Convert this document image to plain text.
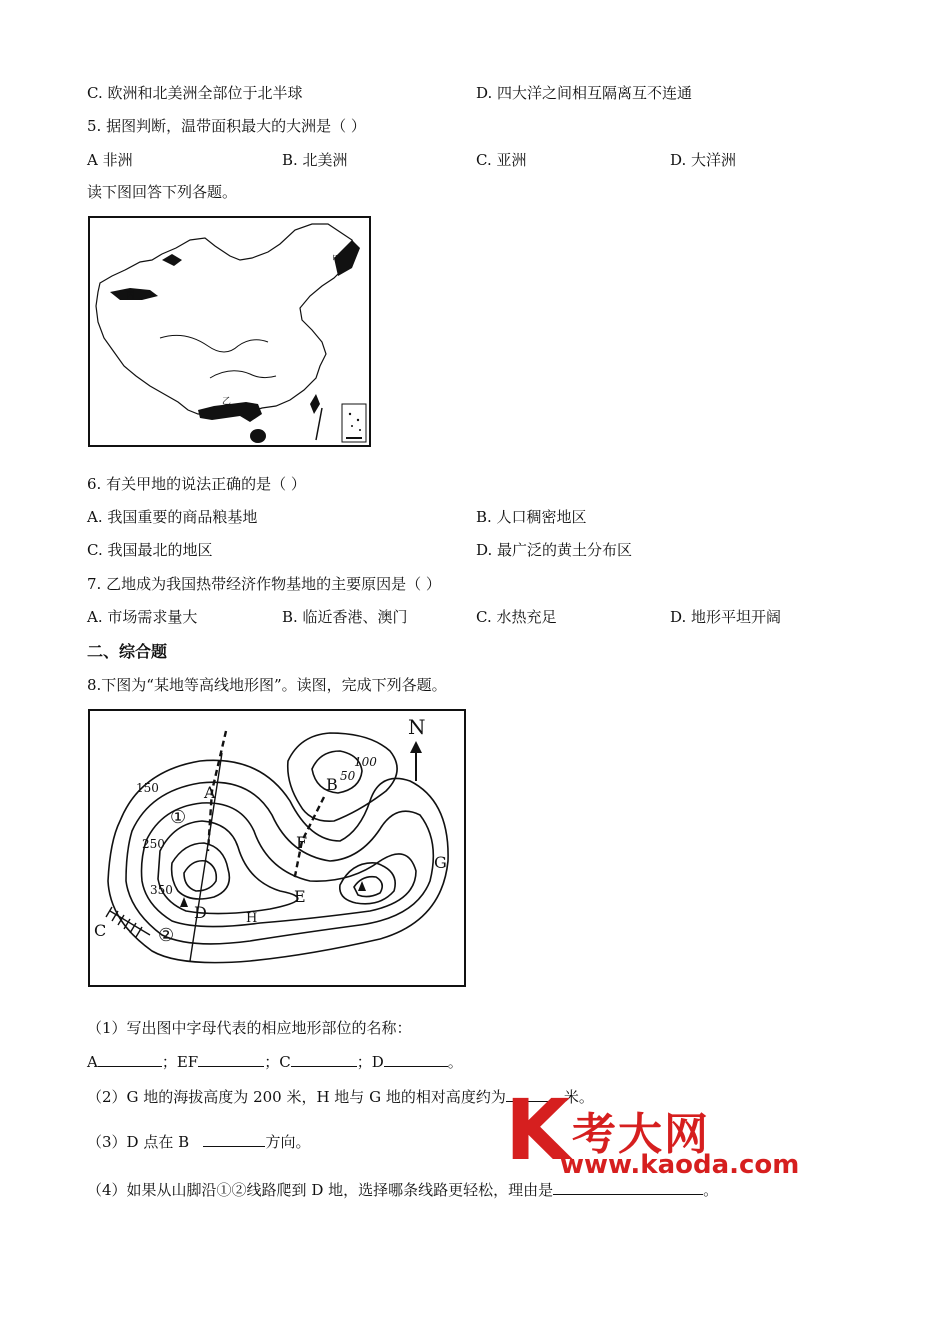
C. 欧洲和北美洲全部位于北半球	D. 四大洋之间相互隔离互不连通
5. 据图判断，温带面积最大的大洲是（ ）
A 非洲	B. 北美洲	C. 亚洲	D. 大洋洲
读下图回答下列各题。
甲
丙
乙
6. 有关甲地的说法正确的是（ ）
A. 我国重要的商品粮基地	B. 人口稠密地区
C. 我国最北的地区	D. 最广泛的黄土分布区
7. 乙地成为我国热带经济作物基地的主要原因是（ ）
A. 市场需求量大	B. 临近香港、澳门	C. 水热充足	D. 地形平坦开阔
二、综合题
8.下图为“某地等高线地形图”。读图，完成下列各题。
N
A	B
C
D
E
F
G
H
①
②
150
250
350
100
50
（1）写出图中字母代表的相应地形部位的名称：
A	；EF	；C	；D	。
（2）G 地的海拔高度为 200 米，H 地与 G 地的相对高度约为	米。
（3）D 点在 B	方向。
（4）如果从山脚沿①②线路爬到 D 地，选择哪条线路更轻松，理由是	。
K 考大网
www.kaoda.com
